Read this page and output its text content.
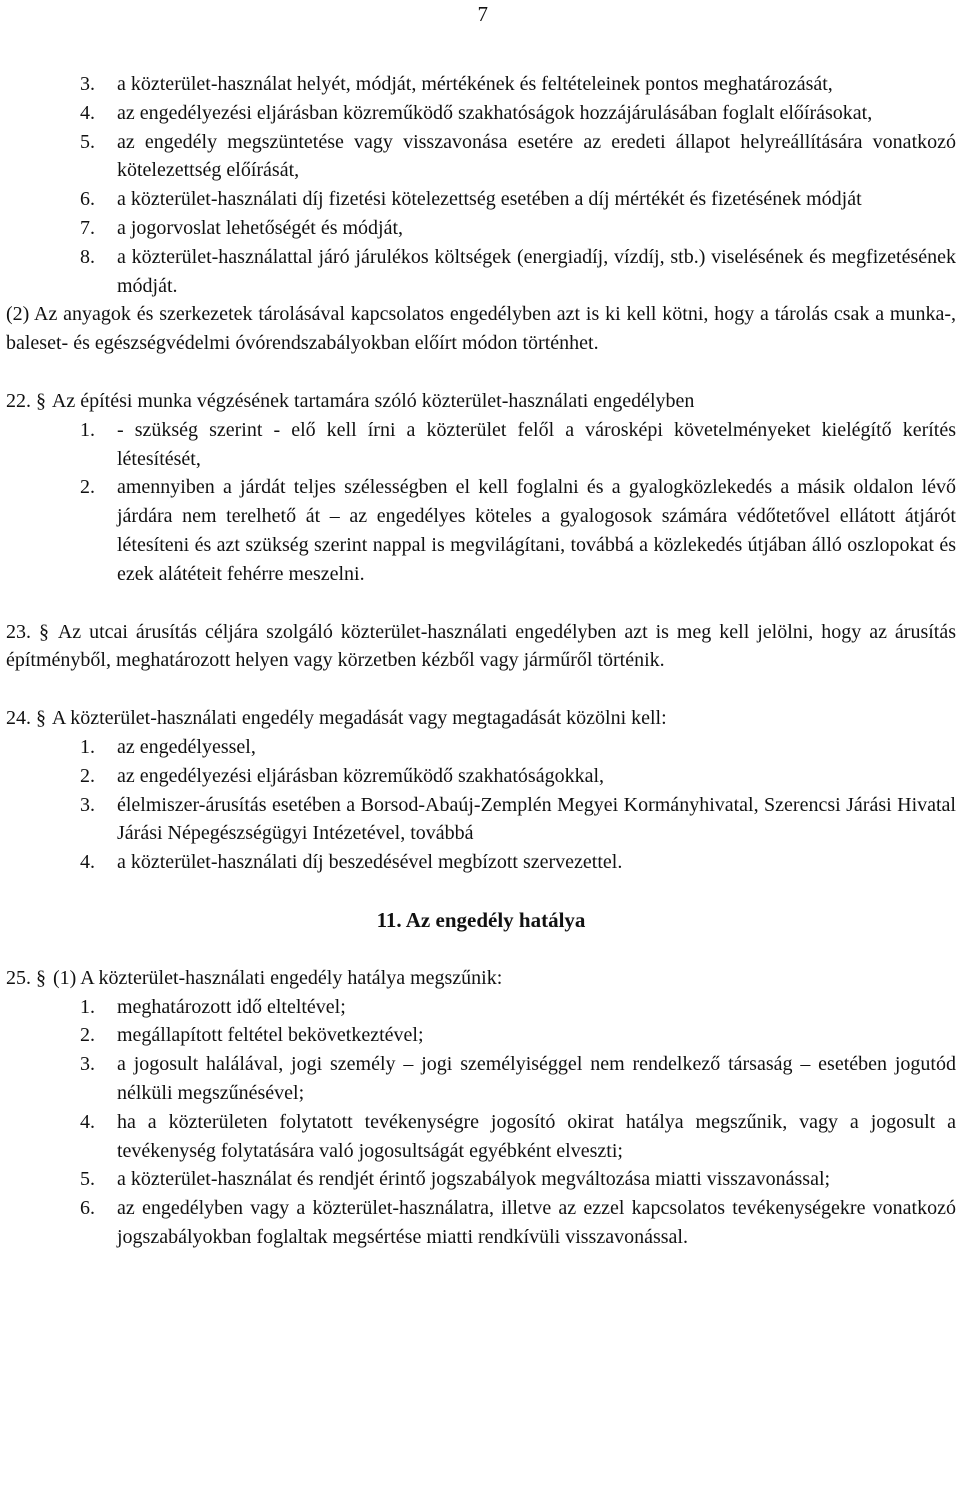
7
3.	a közterület-használat helyét, módját, mértékének és feltételeinek pontos meghatározását,
4.	az engedélyezési eljárásban közreműködő szakhatóságok hozzájárulásában foglalt előírásokat,
5.	az engedély megszüntetése vagy visszavonása esetére az eredeti állapot helyreállítására vonatkozó kötelezettség előírását,
6.	a közterület-használati díj fizetési kötelezettség esetében a díj mértékét és fizetésének módját
7.	a jogorvoslat lehetőségét és módját,
8.	a közterület-használattal járó járulékos költségek (energiadíj, vízdíj, stb.) viselésének és megfizetésének módját.
(2) Az anyagok és szerkezetek tárolásával kapcsolatos engedélyben azt is ki kell kötni, hogy a tárolás csak a munka-, baleset- és egészségvédelmi óvórendszabályokban előírt módon történhet.
22. § Az építési munka végzésének tartamára szóló közterület-használati engedélyben
1.	- szükség szerint - elő kell írni a közterület felől a városképi követelményeket kielégítő kerítés létesítését,
2.	amennyiben a járdát teljes szélességben el kell foglalni és a gyalogközlekedés a másik oldalon lévő járdára nem terelhető át – az engedélyes köteles a gyalogosok számára védőtetővel ellátott átjárót létesíteni és azt szükség szerint nappal is megvilágítani, továbbá a közlekedés útjában álló oszlopokat és ezek alátéteit fehérre meszelni.
23. § Az utcai árusítás céljára szolgáló közterület-használati engedélyben azt is meg kell jelölni, hogy az árusítás építményből, meghatározott helyen vagy körzetben kézből vagy járműről történik.
24. § A közterület-használati engedély megadását vagy megtagadását közölni kell:
1.	az engedélyessel,
2.	az engedélyezési eljárásban közreműködő szakhatóságokkal,
3.	élelmiszer-árusítás esetében a Borsod-Abaúj-Zemplén Megyei Kormányhivatal, Szerencsi Járási Hivatal Járási Népegészségügyi Intézetével, továbbá
4.	a közterület-használati díj beszedésével megbízott szervezettel.
11. Az engedély hatálya
25. § (1) A közterület-használati engedély hatálya megszűnik:
1.	meghatározott idő elteltével;
2.	megállapított feltétel bekövetkeztével;
3.	a jogosult halálával, jogi személy – jogi személyiséggel nem rendelkező társaság – esetében jogutód nélküli megszűnésével;
4.	ha a közterületen folytatott tevékenységre jogosító okirat hatálya megszűnik, vagy a jogosult a tevékenység folytatására való jogosultságát egyébként elveszti;
5.	a közterület-használat és rendjét érintő jogszabályok megváltozása miatti visszavonással;
6.	az engedélyben vagy a közterület-használatra, illetve az ezzel kapcsolatos tevékenységekre vonatkozó jogszabályokban foglaltak megsértése miatti rendkívüli visszavonással.
